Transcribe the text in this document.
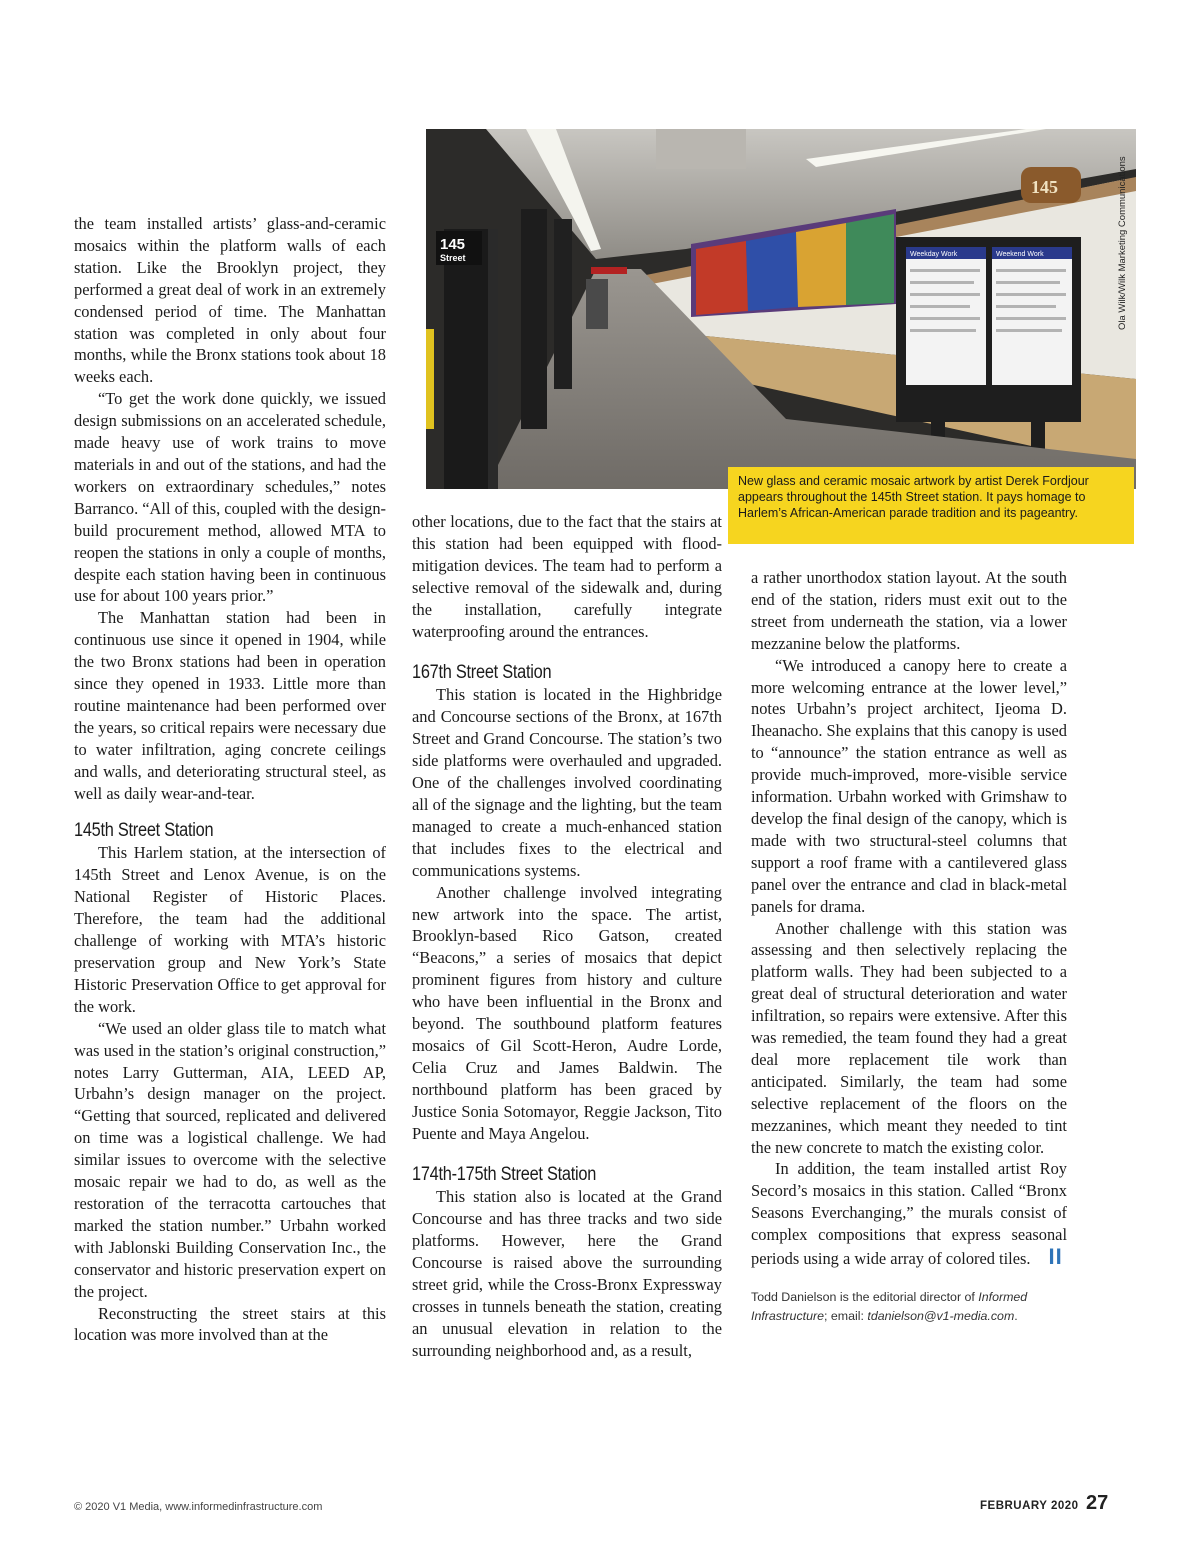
145
Weekday Work	Weekend Work
145
Street	Ola Wilk/Wilk Marketing Communications
New glass and ceramic mosaic artwork by artist Derek Fordjour appears throughout the 145th Street station. It pays homage to Harlem’s African-American parade tradition and its pageantry.

the team installed artists’ glass-and-ceramic mosaics within the platform walls of each station. Like the Brooklyn project, they performed a great deal of work in an extremely condensed period of time. The Manhattan station was completed in only about four months, while the Bronx stations took about 18 weeks each.

“To get the work done quickly, we issued design submissions on an accelerated schedule, made heavy use of work trains to move materials in and out of the stations, and had the workers on extraordinary schedules,” notes Barranco. “All of this, coupled with the design-build procurement method, allowed MTA to reopen the stations in only a couple of months, despite each station having been in continuous use for about 100 years prior.”

The Manhattan station had been in continuous use since it opened in 1904, while the two Bronx stations had been in operation since they opened in 1933. Little more than routine maintenance had been performed over the years, so critical repairs were necessary due to water infiltration, aging concrete ceilings and walls, and deteriorating structural steel, as well as daily wear-and-tear.

145th Street Station

This Harlem station, at the intersection of 145th Street and Lenox Avenue, is on the National Register of Historic Places. Therefore, the team had the additional challenge of working with MTA’s historic preservation group and New York’s State Historic Preservation Office to get approval for the work.

“We used an older glass tile to match what was used in the station’s original construction,” notes Larry Gutterman, AIA, LEED AP, Urbahn’s design manager on the project. “Getting that sourced, replicated and delivered on time was a logistical challenge. We had similar issues to overcome with the selective mosaic repair we had to do, as well as the restoration of the terracotta cartouches that marked the station number.” Urbahn worked with Jablonski Building Conservation Inc., the conservator and historic preservation expert on the project.

Reconstructing the street stairs at this location was more involved than at the

other locations, due to the fact that the stairs at this station had been equipped with flood-mitigation devices. The team had to perform a selective removal of the sidewalk and, during the installation, carefully integrate waterproofing around the entrances.

167th Street Station

This station is located in the Highbridge and Concourse sections of the Bronx, at 167th Street and Grand Concourse. The station’s two side platforms were overhauled and upgraded. One of the challenges involved coordinating all of the signage and the lighting, but the team managed to create a much-enhanced station that includes fixes to the electrical and communications systems.

Another challenge involved integrating new artwork into the space. The artist, Brooklyn-based Rico Gatson, created “Beacons,” a series of mosaics that depict prominent figures from history and culture who have been influential in the Bronx and beyond. The southbound platform features mosaics of Gil Scott-Heron, Audre Lorde, Celia Cruz and James Baldwin. The northbound platform has been graced by Justice Sonia Sotomayor, Reggie Jackson, Tito Puente and Maya Angelou.

174th-175th Street Station

This station also is located at the Grand Concourse and has three tracks and two side platforms. However, here the Grand Concourse is raised above the surrounding street grid, while the Cross-Bronx Expressway crosses in tunnels beneath the station, creating an unusual elevation in relation to the surrounding neighborhood and, as a result,

a rather unorthodox station layout. At the south end of the station, riders must exit out to the street from underneath the station, via a lower mezzanine below the platforms.

“We introduced a canopy here to create a more welcoming entrance at the lower level,” notes Urbahn’s project architect, Ijeoma D. Iheanacho. She explains that this canopy is used to “announce” the station entrance as well as provide much-improved, more-visible service information. Urbahn worked with Grimshaw to develop the final design of the canopy, which is made with two structural-steel columns that support a roof frame with a cantilevered glass panel over the entrance and clad in black-metal panels for drama.

Another challenge with this station was assessing and then selectively replacing the platform walls. They had been subjected to a great deal of structural deterioration and water infiltration, so repairs were extensive. After this was remedied, the team found they had a great deal more replacement tile work than anticipated. Similarly, the team had some selective replacement of the floors on the mezzanines, which meant they needed to tint the new concrete to match the existing color.

In addition, the team installed artist Roy Secord’s mosaics in this station. Called “Bronx Seasons Everchanging,” the murals consist of complex compositions that express seasonal periods using a wide array of colored tiles. II

Todd Danielson is the editorial director of Informed Infrastructure; email: tdanielson@v1-media.com.
© 2020 V1 Media, www.informedinfrastructure.com	FEBRUARY 2020 27
